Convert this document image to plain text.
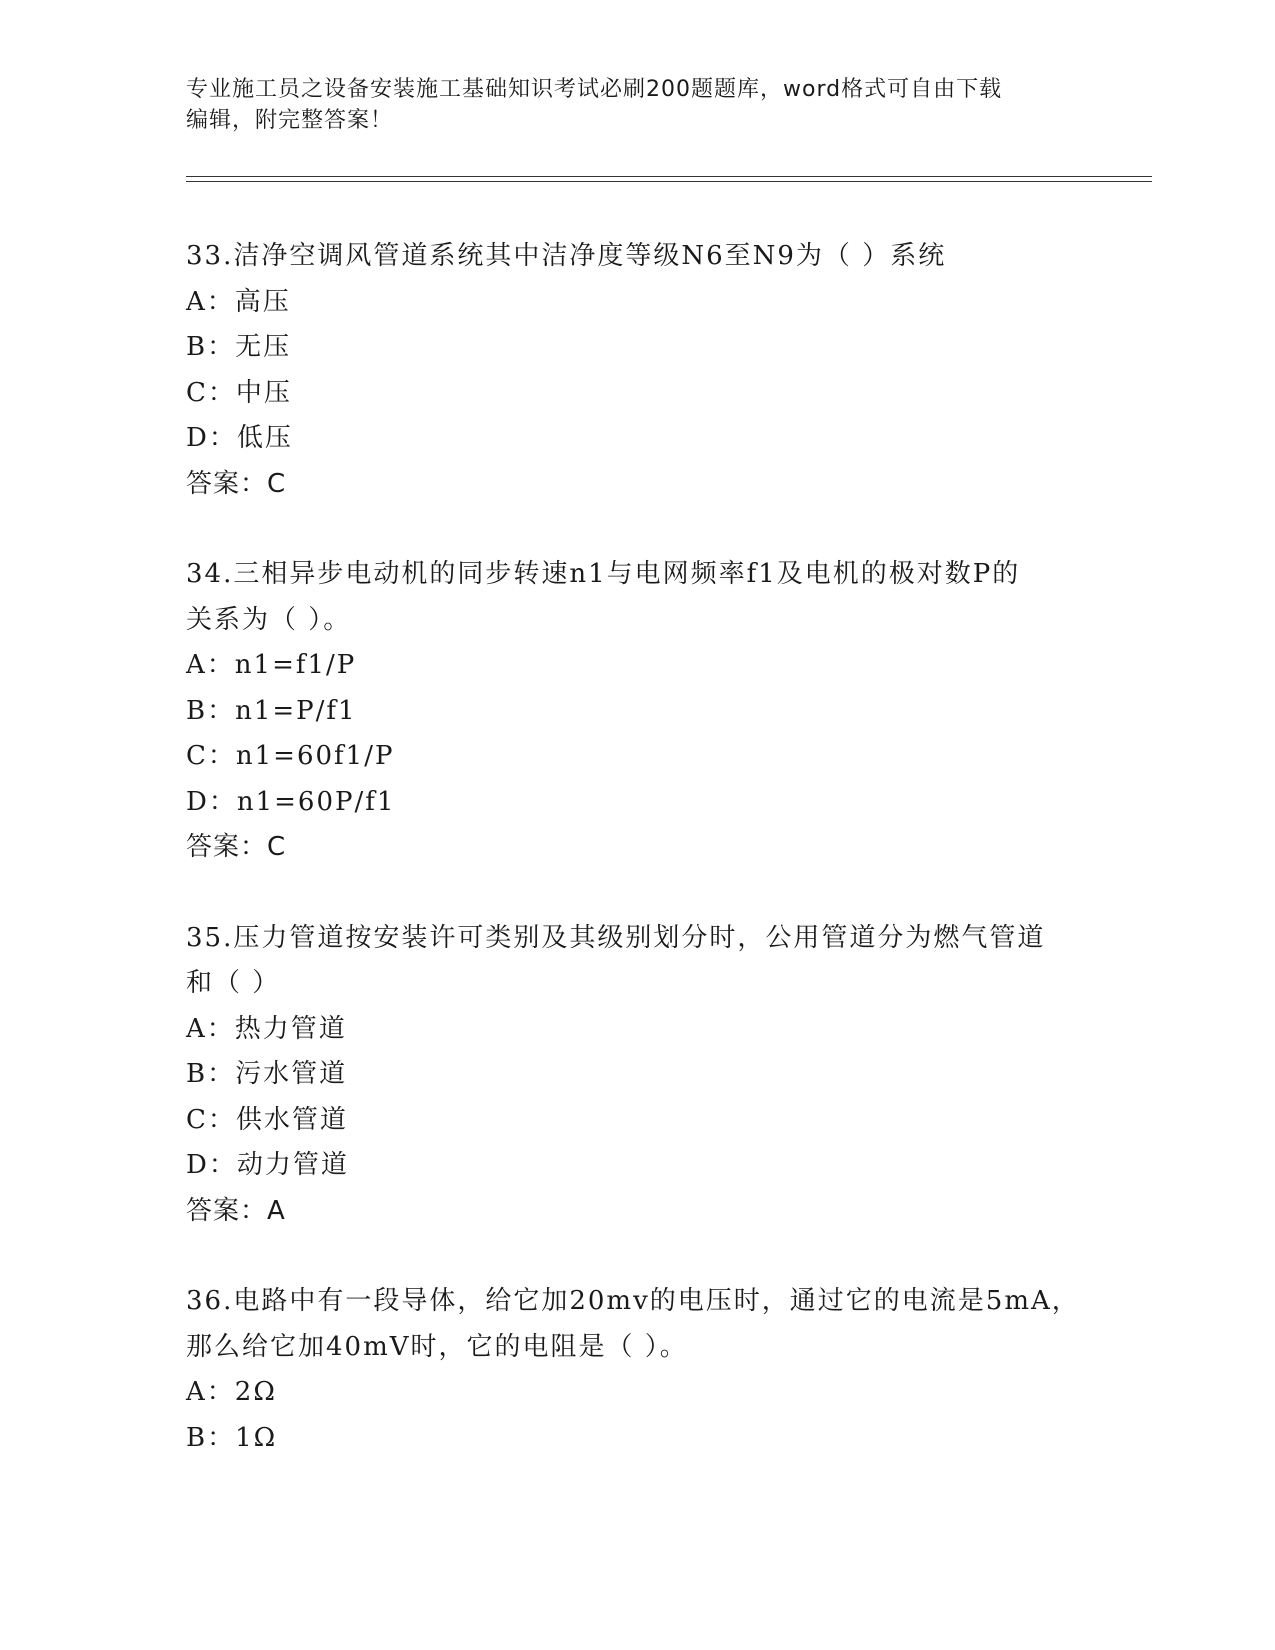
专业施工员之设备安装施工基础知识考试必刷200题题库，word格式可自由下载
编辑，附完整答案！
33.洁净空调风管道系统其中洁净度等级N6至N9为（ ）系统
A：高压
B：无压
C：中压
D：低压
答案：C
34.三相异步电动机的同步转速n1与电网频率f1及电机的极对数P的
关系为（ ）。
A：n1=f1/P
B：n1=P/f1
C：n1=60f1/P
D：n1=60P/f1
答案：C
35.压力管道按安装许可类别及其级别划分时，公用管道分为燃气管道
和（ ）
A：热力管道
B：污水管道
C：供水管道
D：动力管道
答案：A
36.电路中有一段导体，给它加20mv的电压时，通过它的电流是5mA，
那么给它加40mV时，它的电阻是（ ）。
A：2Ω
B：1Ω
